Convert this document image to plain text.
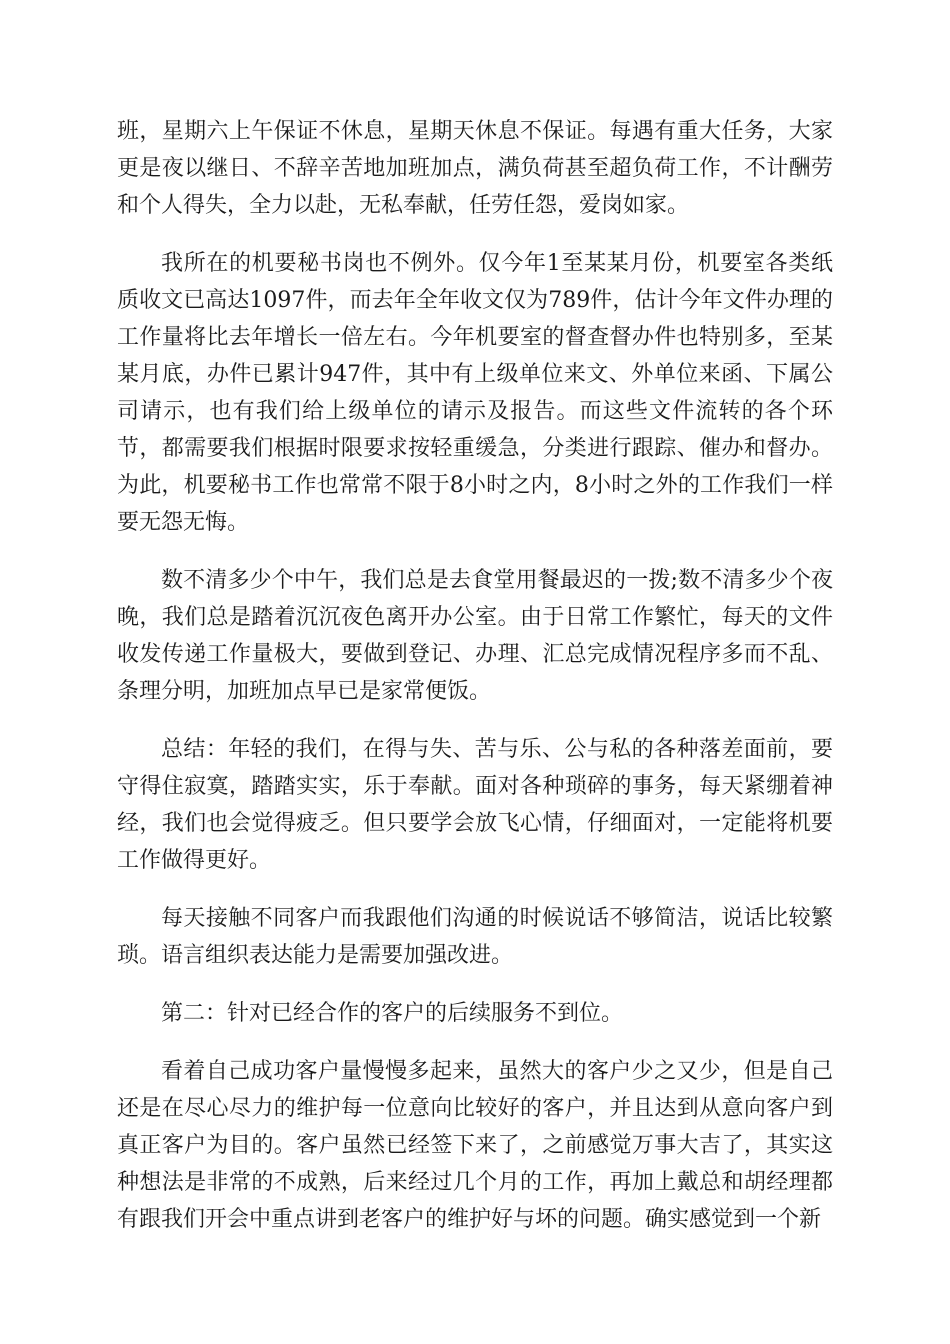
班，星期六上午保证不休息，星期天休息不保证。每遇有重大任务，大家更是夜以继日、不辞辛苦地加班加点，满负荷甚至超负荷工作，不计酬劳和个人得失，全力以赴，无私奉献，任劳任怨，爱岗如家。

我所在的机要秘书岗也不例外。仅今年1至某某月份，机要室各类纸质收文已高达1097件，而去年全年收文仅为789件，估计今年文件办理的工作量将比去年增长一倍左右。今年机要室的督查督办件也特别多，至某某月底，办件已累计947件，其中有上级单位来文、外单位来函、下属公司请示，也有我们给上级单位的请示及报告。而这些文件流转的各个环节，都需要我们根据时限要求按轻重缓急，分类进行跟踪、催办和督办。为此，机要秘书工作也常常不限于8小时之内，8小时之外的工作我们一样要无怨无悔。

数不清多少个中午，我们总是去食堂用餐最迟的一拨;数不清多少个夜晚，我们总是踏着沉沉夜色离开办公室。由于日常工作繁忙，每天的文件收发传递工作量极大，要做到登记、办理、汇总完成情况程序多而不乱、条理分明，加班加点早已是家常便饭。

总结：年轻的我们，在得与失、苦与乐、公与私的各种落差面前，要守得住寂寞，踏踏实实，乐于奉献。面对各种琐碎的事务，每天紧绷着神经，我们也会觉得疲乏。但只要学会放飞心情，仔细面对，一定能将机要工作做得更好。

每天接触不同客户而我跟他们沟通的时候说话不够简洁，说话比较繁琐。语言组织表达能力是需要加强改进。

第二：针对已经合作的客户的后续服务不到位。

看着自己成功客户量慢慢多起来，虽然大的客户少之又少，但是自己还是在尽心尽力的维护每一位意向比较好的客户，并且达到从意向客户到真正客户为目的。客户虽然已经签下来了，之前感觉万事大吉了，其实这种想法是非常的不成熟，后来经过几个月的工作，再加上戴总和胡经理都有跟我们开会中重点讲到老客户的维护好与坏的问题。确实感觉到一个新
